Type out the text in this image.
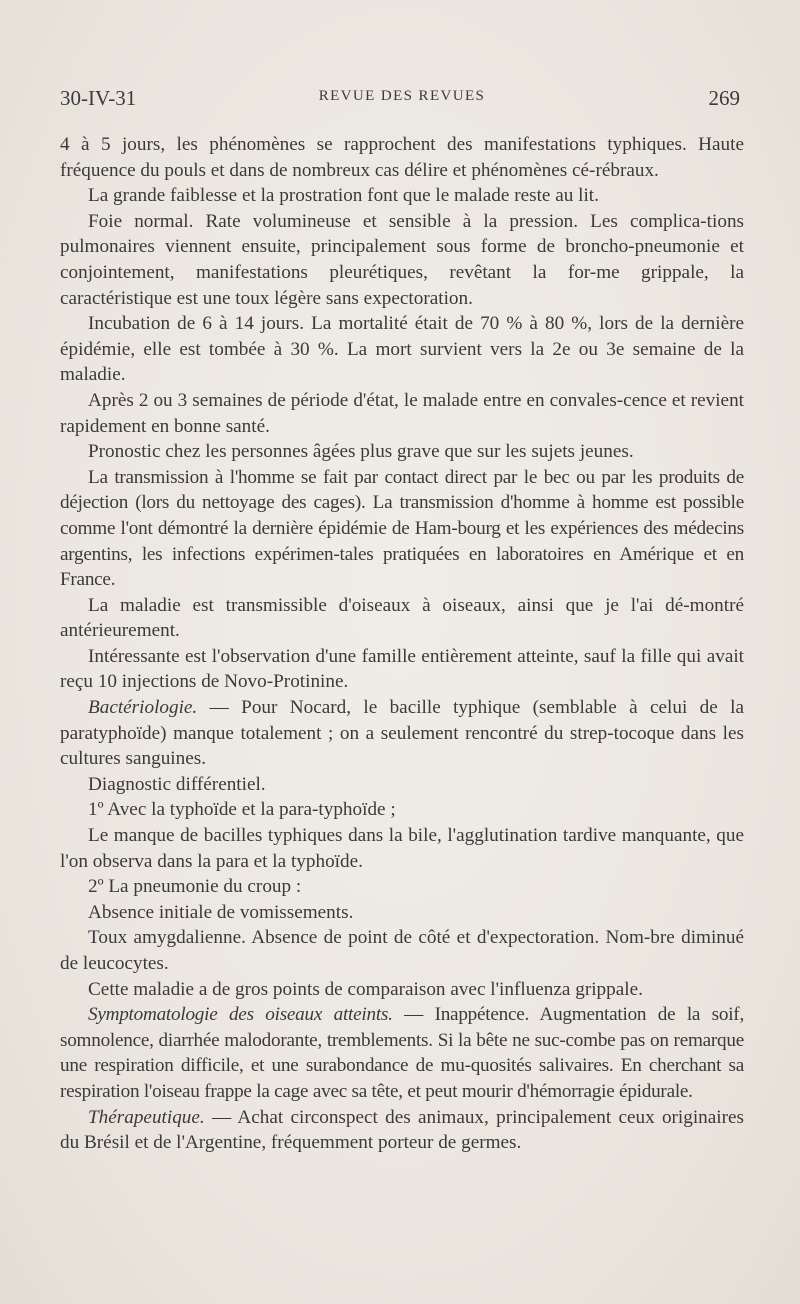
30-IV-31	REVUE DES REVUES	269

4 à 5 jours, les phénomènes se rapprochent des manifestations typhiques. Haute fréquence du pouls et dans de nombreux cas délire et phénomènes cé-rébraux.

La grande faiblesse et la prostration font que le malade reste au lit.

Foie normal. Rate volumineuse et sensible à la pression. Les complica-tions pulmonaires viennent ensuite, principalement sous forme de broncho-pneumonie et conjointement, manifestations pleurétiques, revêtant la for-me grippale, la caractéristique est une toux légère sans expectoration.

Incubation de 6 à 14 jours. La mortalité était de 70 % à 80 %, lors de la dernière épidémie, elle est tombée à 30 %. La mort survient vers la 2e ou 3e semaine de la maladie.

Après 2 ou 3 semaines de période d'état, le malade entre en convales-cence et revient rapidement en bonne santé.

Pronostic chez les personnes âgées plus grave que sur les sujets jeunes.

La transmission à l'homme se fait par contact direct par le bec ou par les produits de déjection (lors du nettoyage des cages). La transmission d'homme à homme est possible comme l'ont démontré la dernière épidémie de Ham-bourg et les expériences des médecins argentins, les infections expérimen-tales pratiquées en laboratoires en Amérique et en France.

La maladie est transmissible d'oiseaux à oiseaux, ainsi que je l'ai dé-montré antérieurement.

Intéressante est l'observation d'une famille entièrement atteinte, sauf la fille qui avait reçu 10 injections de Novo-Protinine.

Bactériologie. — Pour Nocard, le bacille typhique (semblable à celui de la paratyphoïde) manque totalement ; on a seulement rencontré du strep-tocoque dans les cultures sanguines.

Diagnostic différentiel.

1º Avec la typhoïde et la para-typhoïde ;

Le manque de bacilles typhiques dans la bile, l'agglutination tardive manquante, que l'on observa dans la para et la typhoïde.

2º La pneumonie du croup :

Absence initiale de vomissements.

Toux amygdalienne. Absence de point de côté et d'expectoration. Nom-bre diminué de leucocytes.

Cette maladie a de gros points de comparaison avec l'influenza grippale.

Symptomatologie des oiseaux atteints. — Inappétence. Augmentation de la soif, somnolence, diarrhée malodorante, tremblements. Si la bête ne suc-combe pas on remarque une respiration difficile, et une surabondance de mu-quosités salivaires. En cherchant sa respiration l'oiseau frappe la cage avec sa tête, et peut mourir d'hémorragie épidurale.

Thérapeutique. — Achat circonspect des animaux, principalement ceux originaires du Brésil et de l'Argentine, fréquemment porteur de germes.
